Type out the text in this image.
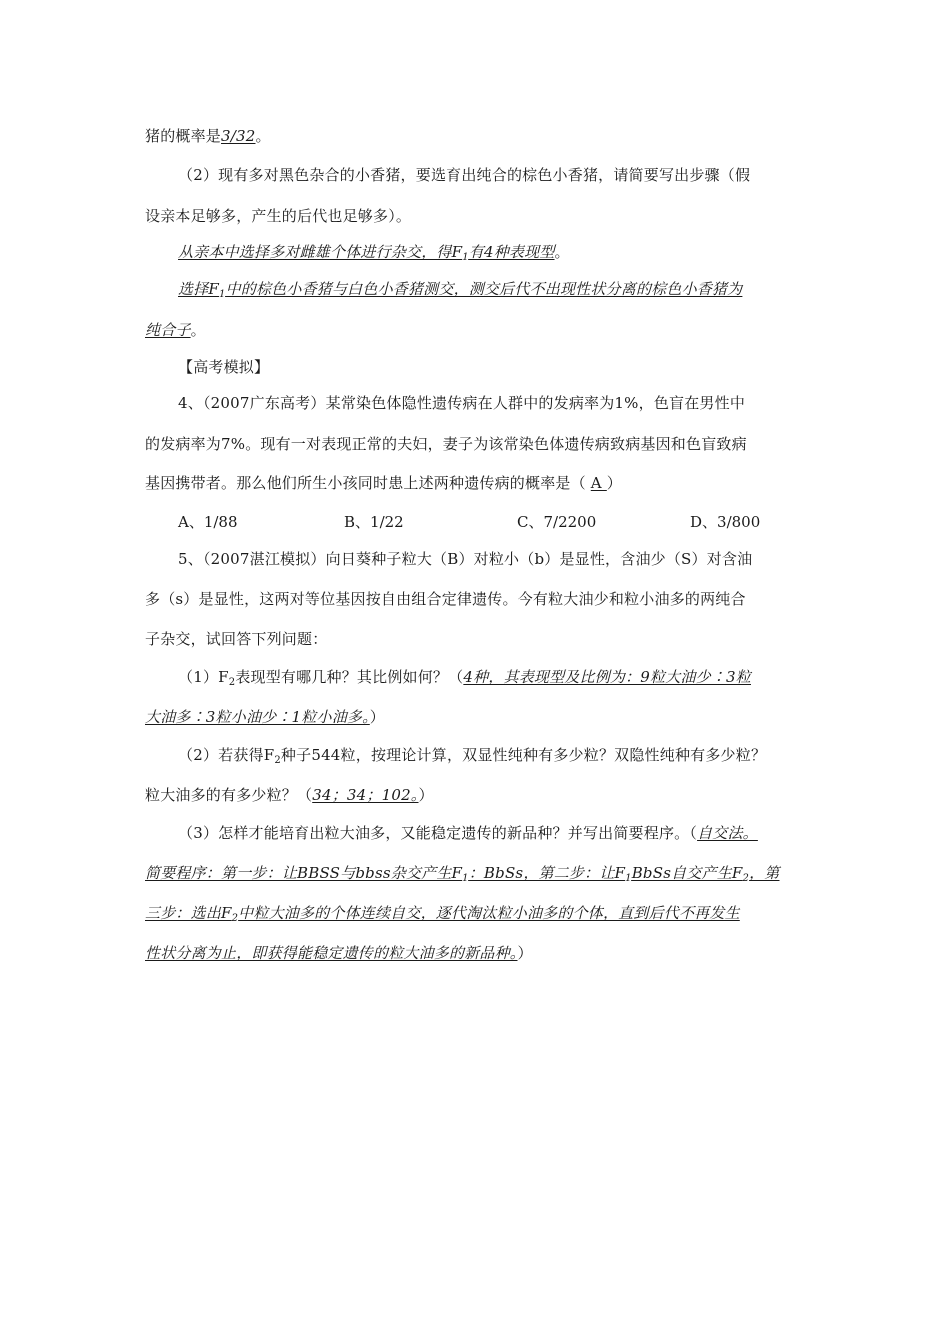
猪的概率是3/32。
（2）现有多对黑色杂合的小香猪，要选育出纯合的棕色小香猪，请简要写出步骤（假
设亲本足够多，产生的后代也足够多）。
从亲本中选择多对雌雄个体进行杂交，得$F_1$有4种表现型。
选择$F_1$中的棕色小香猪与白色小香猪测交，测交后代不出现性状分离的棕色小香猪为
纯合子。
【高考模拟】
4、（2007广东高考）某常染色体隐性遗传病在人群中的发病率为1%，色盲在男性中
的发病率为7%。现有一对表现正常的夫妇，妻子为该常染色体遗传病致病基因和色盲致病
基因携带者。那么他们所生小孩同时患上述两种遗传病的概率是（ A ）
A、1/88	B、1/22	C、7/2200	D、3/800
5、（2007湛江模拟）向日葵种子粒大（B）对粒小（b）是显性，含油少（S）对含油
多（s）是显性，这两对等位基因按自由组合定律遗传。今有粒大油少和粒小油多的两纯合
子杂交，试回答下列问题：
$(1)F_2$表现型有哪几种？其比例如何？（4种，其表现型及比例为：9粒大油少∶3粒
大油多∶3粒小油少∶1粒小油多。）
（2）若获得$F_2$种子544粒，按理论计算，双显性纯种有多少粒？双隐性纯种有多少粒？
粒大油多的有多少粒？（34；34；102。）
（3）怎样才能培育出粒大油多，又能稳定遗传的新品种？并写出简要程序。（自交法。
简要程序：第一步：让BBSS与bbss杂交产生$F_1$：BbSs，第二步：让$F_1BbSs$自交产生$F_2$，第
三步：选出$F_2$中粒大油多的个体连续自交，逐代淘汰粒小油多的个体，直到后代不再发生
性状分离为止，即获得能稳定遗传的粒大油多的新品种。）
